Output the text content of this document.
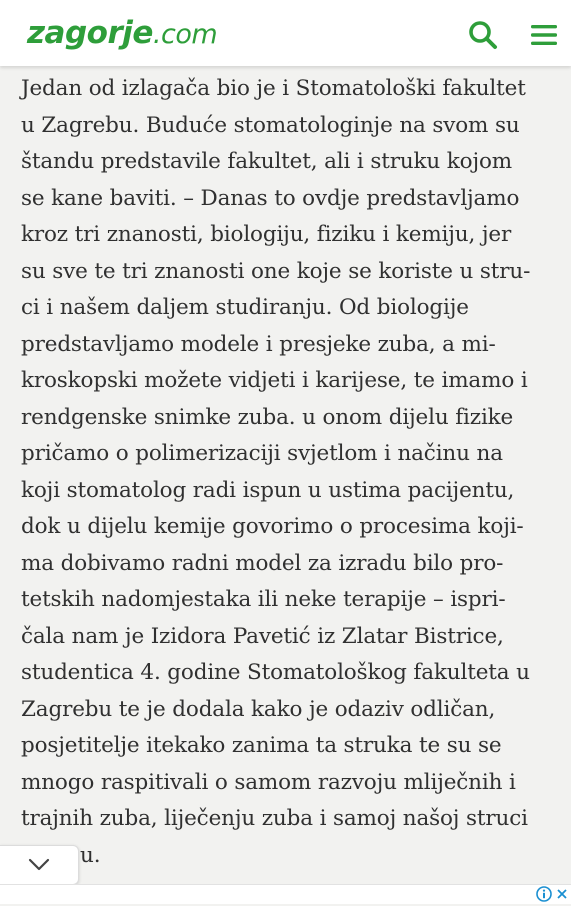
zagorje.com

Jedan od izlagača bio je i Stomatološki fakultet

u Zagrebu. Buduće stomatologinje na svom su

štandu predstavile fakultet, ali i struku kojom

se kane baviti. – Danas to ovdje predstavljamo

kroz tri znanosti, biologiju, fiziku i kemiju, jer

su sve te tri znanosti one koje se koriste u stru-

ci i našem daljem studiranju. Od biologije

predstavljamo modele i presjeke zuba, a mi-

kroskopski možete vidjeti i karijese, te imamo i

rendgenske snimke zuba. u onom dijelu fizike

pričamo o polimerizaciji svjetlom i načinu na

koji stomatolog radi ispun u ustima pacijentu,

dok u dijelu kemije govorimo o procesima koji-

ma dobivamo radni model za izradu bilo pro-

tetskih nadomjestaka ili neke terapije – ispri-

čala nam je Izidora Pavetić iz Zlatar Bistrice,

studentica 4. godine Stomatološkog fakulteta u

Zagrebu te je dodala kako je odaziv odličan,

posjetitelje itekako zanima ta struka te su se

mnogo raspitivali o samom razvoju mliječnih i

trajnih zuba, liječenju zuba i samoj našoj struci

u.
